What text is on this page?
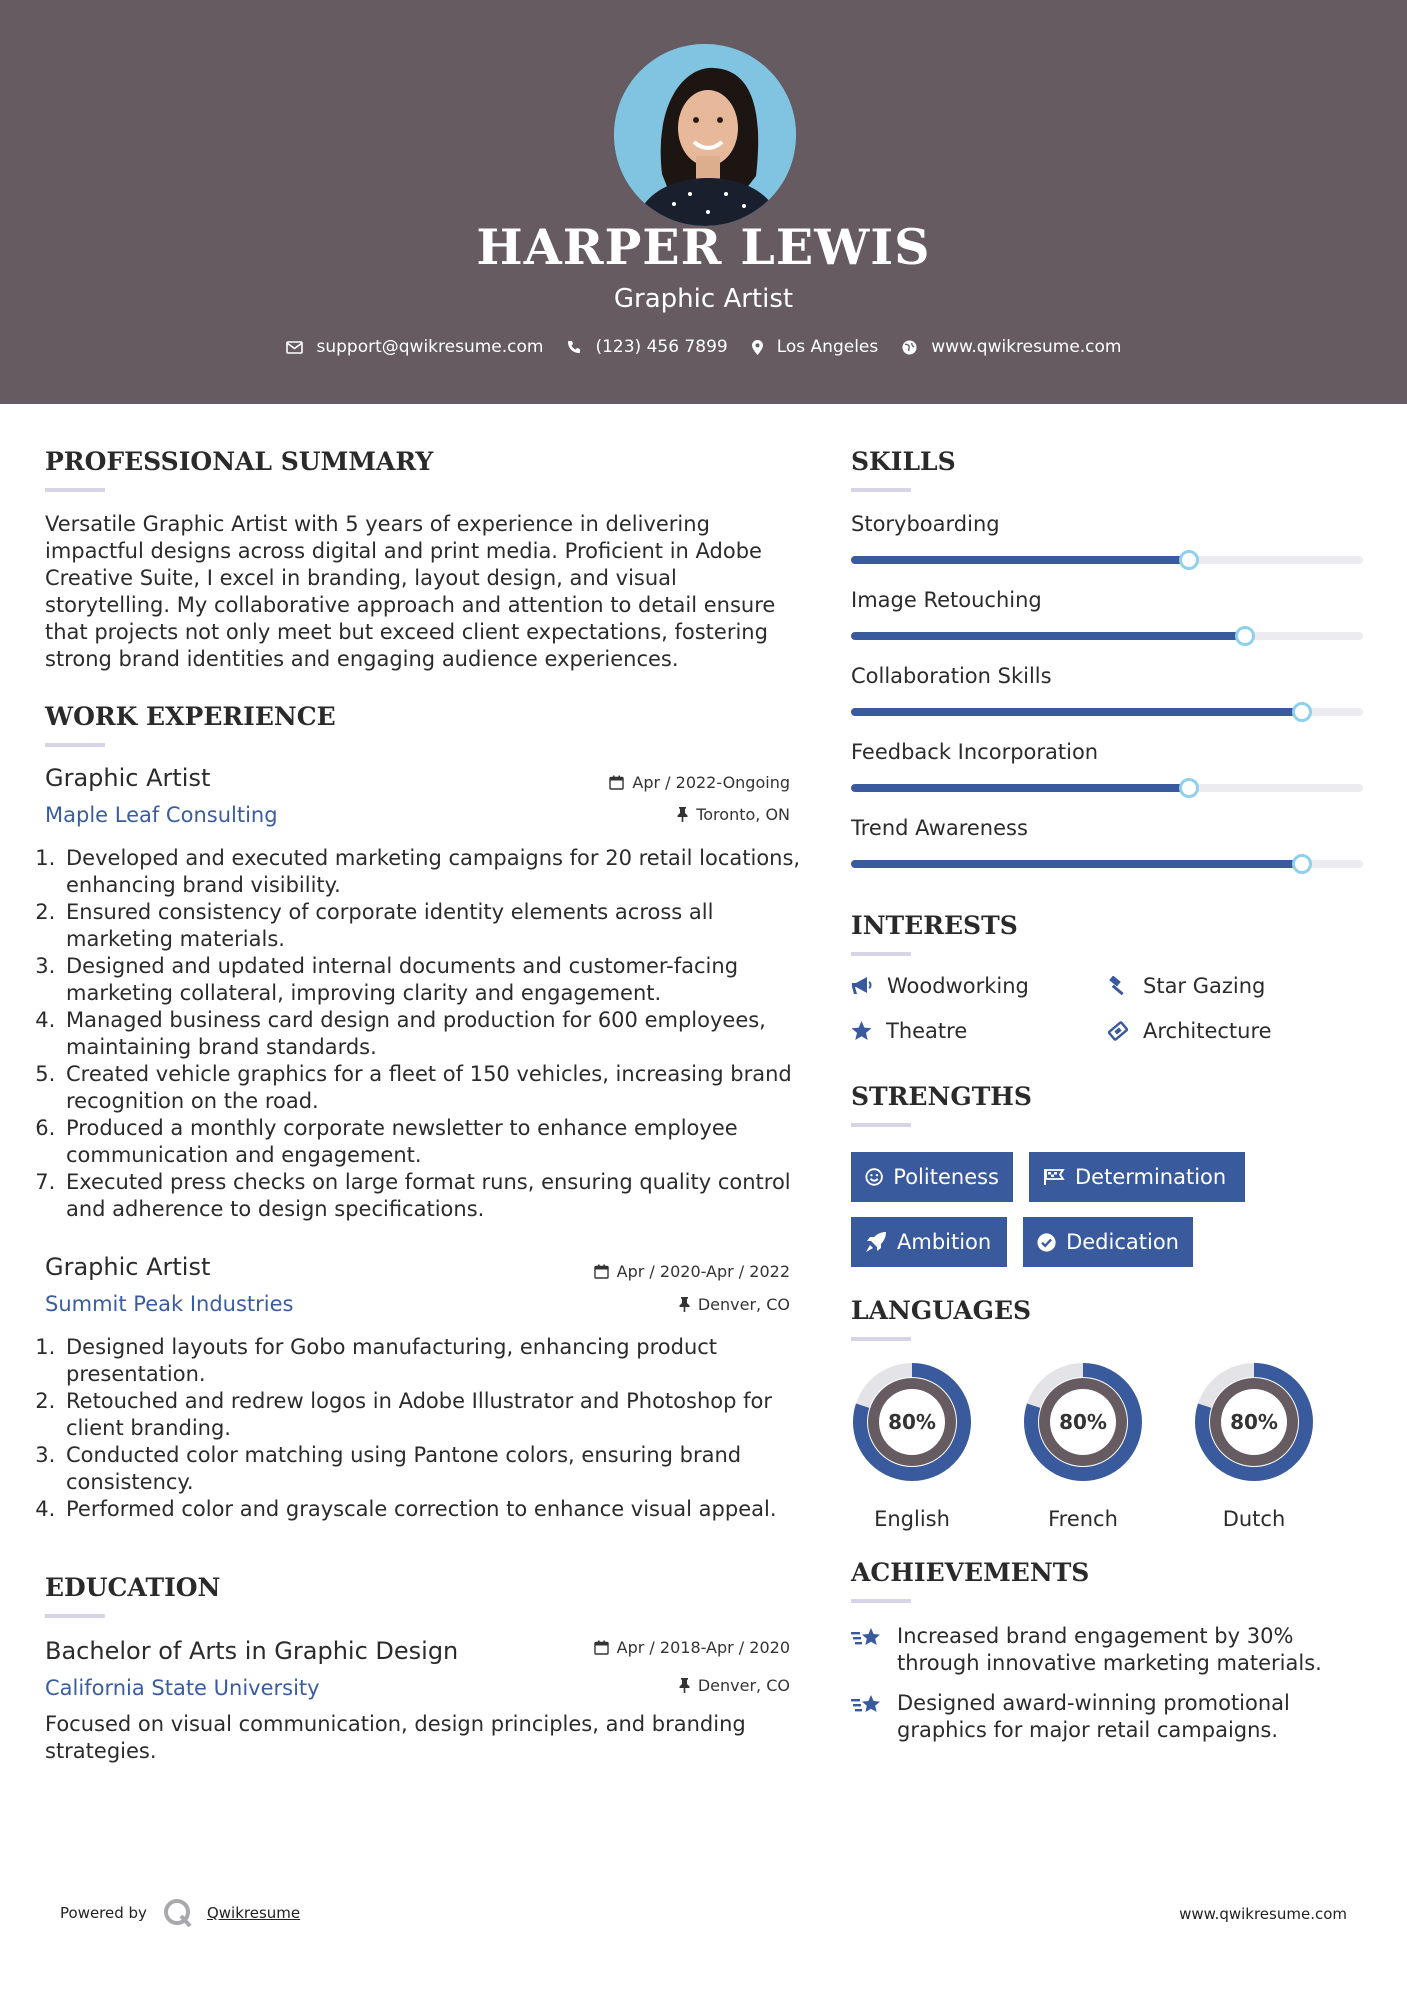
HARPER LEWIS
Graphic Artist
support@qwikresume.com	(123) 456 7899	Los Angeles	www.qwikresume.com
PROFESSIONAL SUMMARY
Versatile Graphic Artist with 5 years of experience in delivering impactful designs across digital and print media. Proficient in Adobe Creative Suite, I excel in branding, layout design, and visual storytelling. My collaborative approach and attention to detail ensure that projects not only meet but exceed client expectations, fostering strong brand identities and engaging audience experiences.
WORK EXPERIENCE
Graphic Artist	Apr / 2022-Ongoing
Maple Leaf Consulting	Toronto, ON
1. Developed and executed marketing campaigns for 20 retail locations, enhancing brand visibility.
2. Ensured consistency of corporate identity elements across all marketing materials.
3. Designed and updated internal documents and customer-facing marketing collateral, improving clarity and engagement.
4. Managed business card design and production for 600 employees, maintaining brand standards.
5. Created vehicle graphics for a fleet of 150 vehicles, increasing brand recognition on the road.
6. Produced a monthly corporate newsletter to enhance employee communication and engagement.
7. Executed press checks on large format runs, ensuring quality control and adherence to design specifications.
Graphic Artist	Apr / 2020-Apr / 2022
Summit Peak Industries	Denver, CO
1. Designed layouts for Gobo manufacturing, enhancing product presentation.
2. Retouched and redrew logos in Adobe Illustrator and Photoshop for client branding.
3. Conducted color matching using Pantone colors, ensuring brand consistency.
4. Performed color and grayscale correction to enhance visual appeal.
EDUCATION
Bachelor of Arts in Graphic Design	Apr / 2018-Apr / 2020
California State University	Denver, CO
Focused on visual communication, design principles, and branding strategies.
SKILLS
Storyboarding
Image Retouching
Collaboration Skills
Feedback Incorporation
Trend Awareness
INTERESTS
Woodworking	Star Gazing
Theatre	Architecture
STRENGTHS
Politeness	Determination
Ambition	Dedication
LANGUAGES
80%
English
80%
French
80%
Dutch
ACHIEVEMENTS
Increased brand engagement by 30% through innovative marketing materials.
Designed award-winning promotional graphics for major retail campaigns.
Powered by	Qwikresume	www.qwikresume.com
